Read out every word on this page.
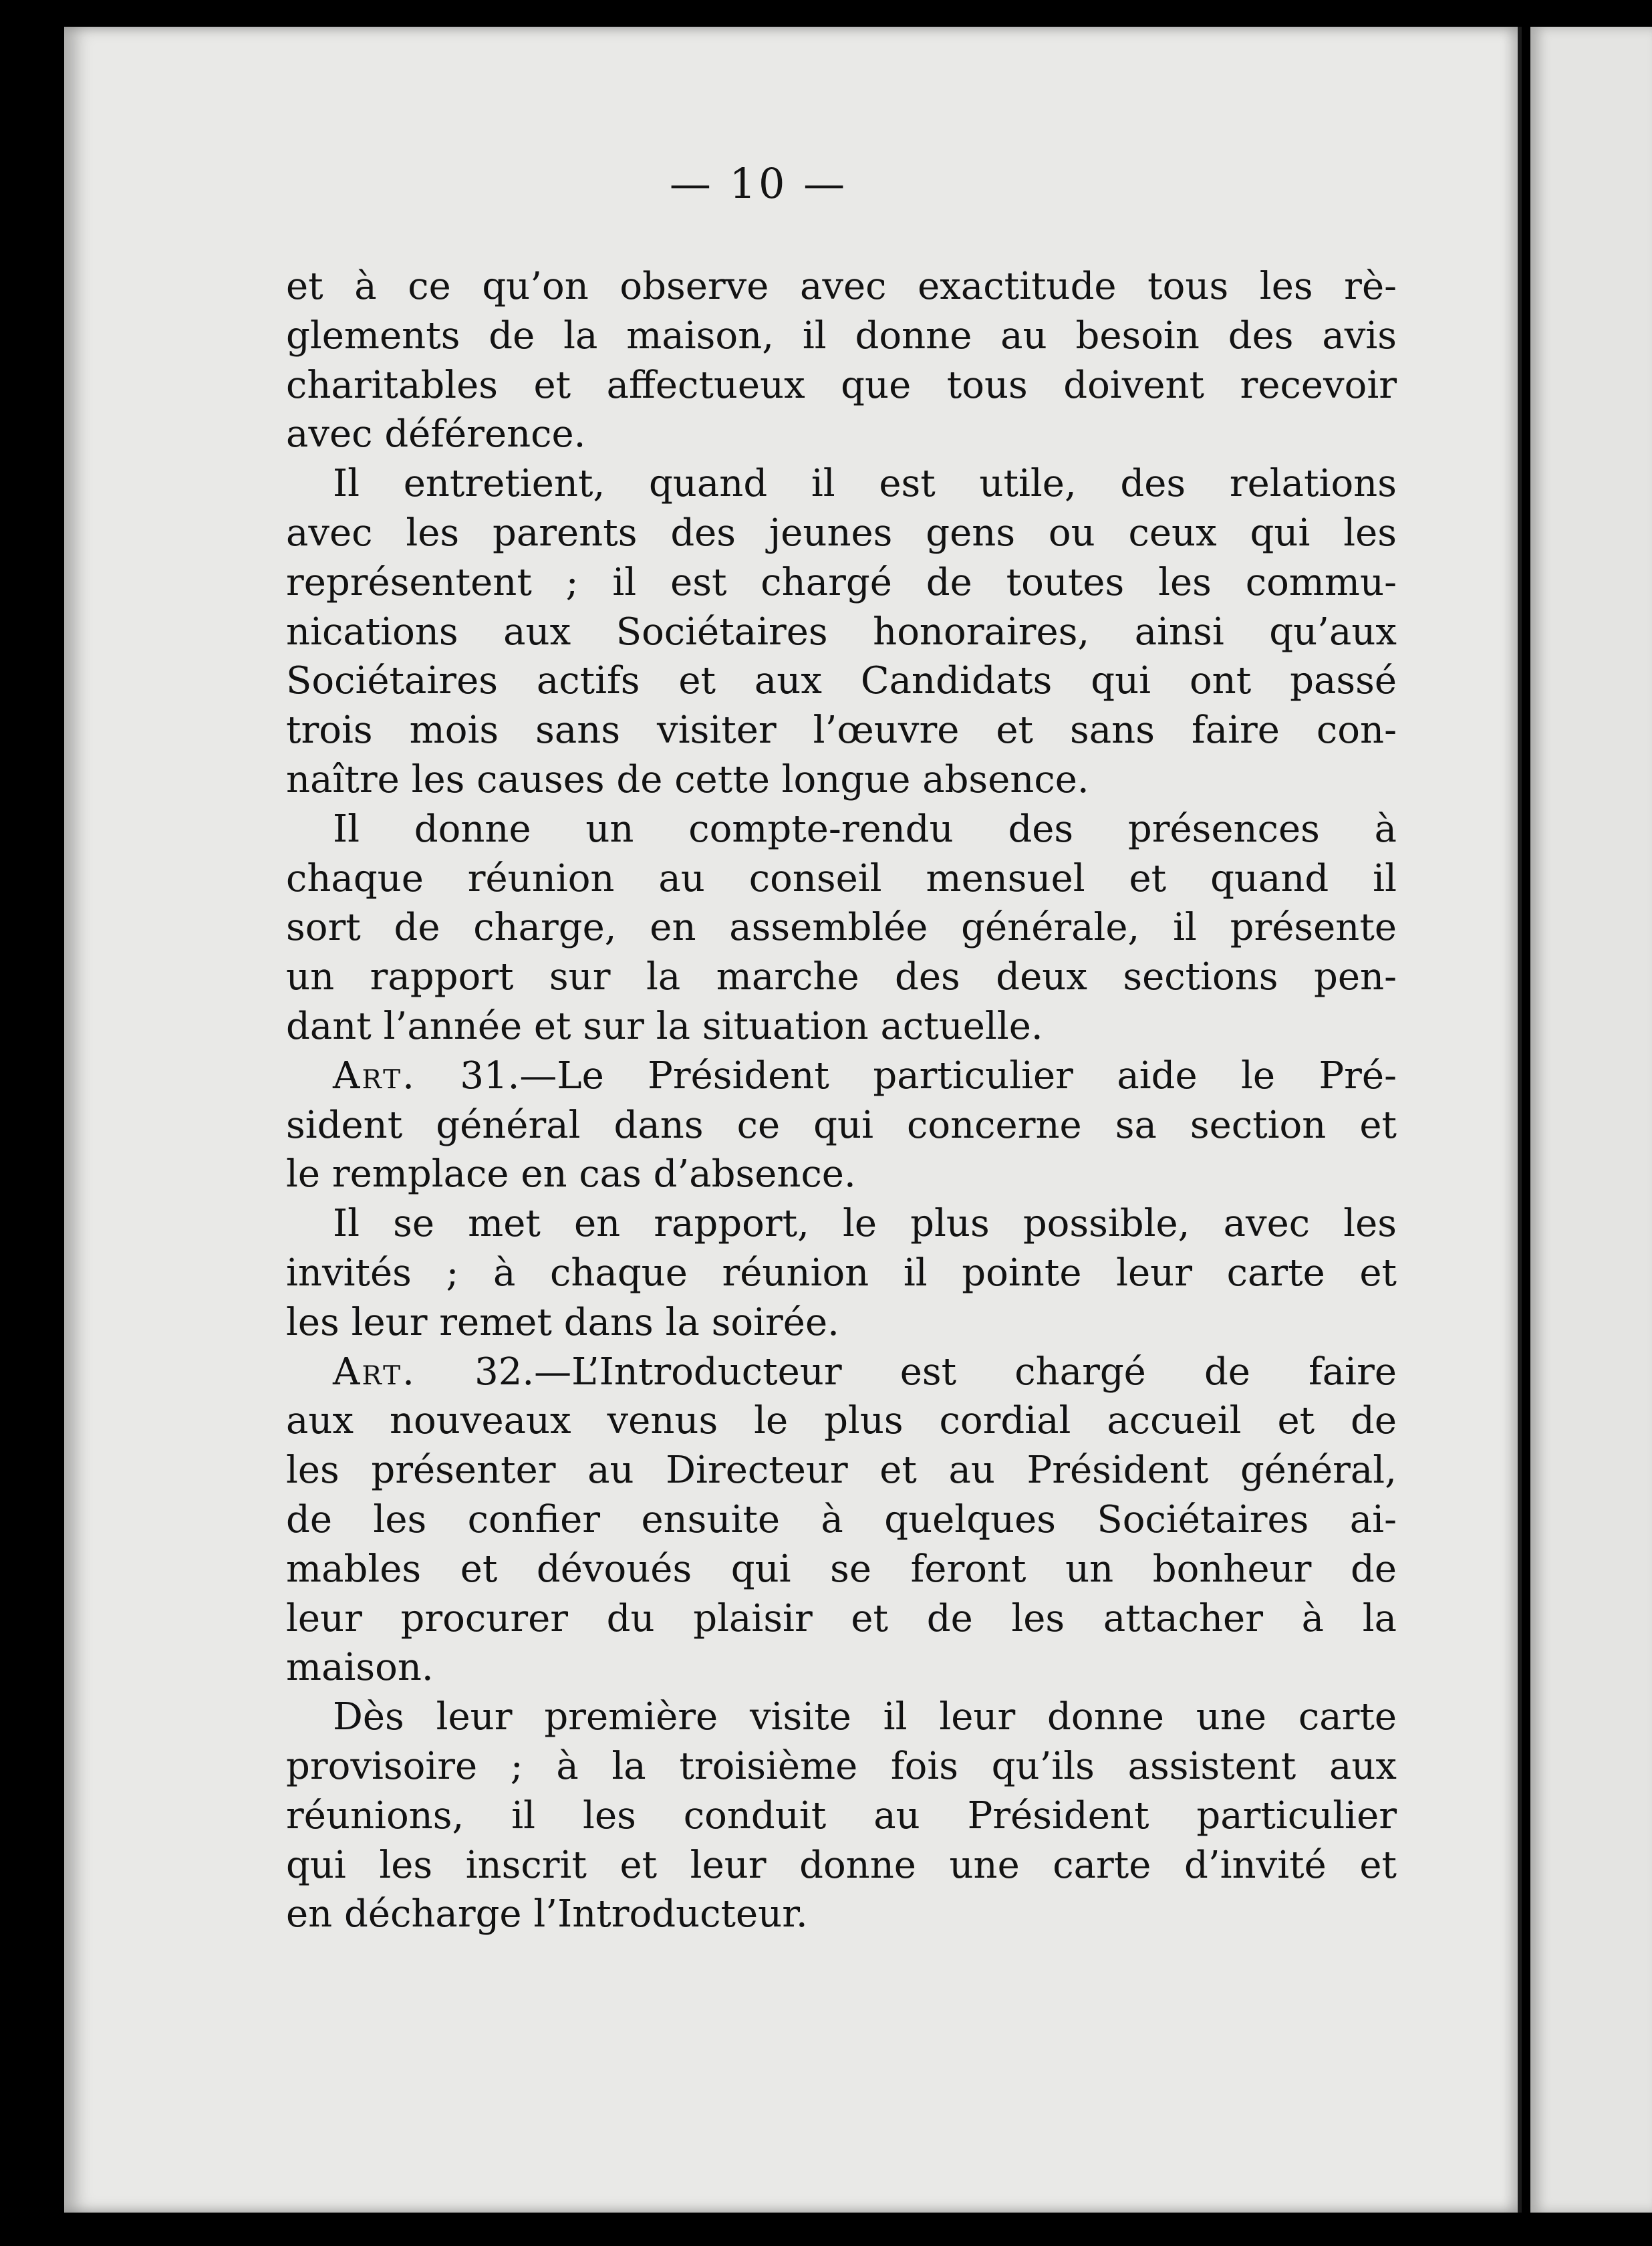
— 10 —
et à ce qu’on observe avec exactitude tous les rè-
glements de la maison, il donne au besoin des avis
charitables et affectueux que tous doivent recevoir
avec déférence.
Il entretient, quand il est utile, des relations
avec les parents des jeunes gens ou ceux qui les
représentent ; il est chargé de toutes les commu-
nications aux Sociétaires honoraires, ainsi qu’aux
Sociétaires actifs et aux Candidats qui ont passé
trois mois sans visiter l’œuvre et sans faire con-
naître les causes de cette longue absence.
Il donne un compte-rendu des présences à
chaque réunion au conseil mensuel et quand il
sort de charge, en assemblée générale, il présente
un rapport sur la marche des deux sections pen-
dant l’année et sur la situation actuelle.
Art. 31.—Le Président particulier aide le Pré-
sident général dans ce qui concerne sa section et
le remplace en cas d’absence.
Il se met en rapport, le plus possible, avec les
invités ; à chaque réunion il pointe leur carte et
les leur remet dans la soirée.
Art. 32.—L’Introducteur est chargé de faire
aux nouveaux venus le plus cordial accueil et de
les présenter au Directeur et au Président général,
de les confier ensuite à quelques Sociétaires ai-
mables et dévoués qui se feront un bonheur de
leur procurer du plaisir et de les attacher à la
maison.
Dès leur première visite il leur donne une carte
provisoire ; à la troisième fois qu’ils assistent aux
réunions, il les conduit au Président particulier
qui les inscrit et leur donne une carte d’invité et
en décharge l’Introducteur.
